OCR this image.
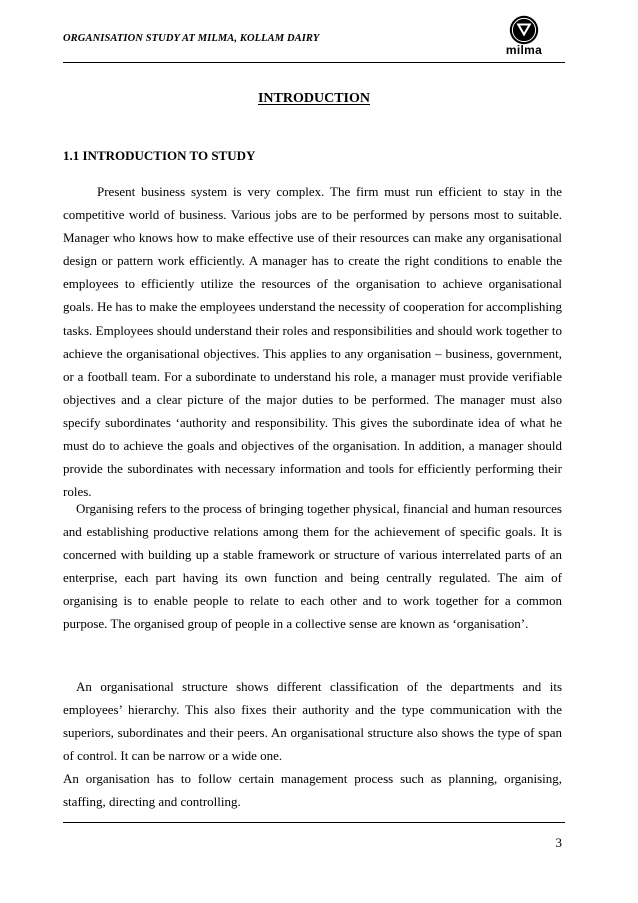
ORGANISATION STUDY AT MILMA, KOLLAM DAIRY
milma
INTRODUCTION
1.1 INTRODUCTION TO STUDY

Present business system is very complex. The firm must run efficient to stay in the competitive world of business. Various jobs are to be performed by persons most to suitable. Manager who knows how to make effective use of their resources can make any organisational design or pattern work efficiently. A manager has to create the right conditions to enable the employees to efficiently utilize the resources of the organisation to achieve organisational goals. He has to make the employees understand the necessity of cooperation for accomplishing tasks. Employees should understand their roles and responsibilities and should work together to achieve the organisational objectives. This applies to any organisation – business, government, or a football team. For a subordinate to understand his role, a manager must provide verifiable objectives and a clear picture of the major duties to be performed. The manager must also specify subordinates ‘authority and responsibility. This gives the subordinate idea of what he must do to achieve the goals and objectives of the organisation. In addition, a manager should provide the subordinates with necessary information and tools for efficiently performing their roles.

Organising refers to the process of bringing together physical, financial and human resources and establishing productive relations among them for the achievement of specific goals. It is concerned with building up a stable framework or structure of various interrelated parts of an enterprise, each part having its own function and being centrally regulated. The aim of organising is to enable people to relate to each other and to work together for a common purpose. The organised group of people in a collective sense are known as ‘organisation’.

An organisational structure shows different classification of the departments and its employees’ hierarchy. This also fixes their authority and the type communication with the superiors, subordinates and their peers. An organisational structure also shows the type of span of control. It can be narrow or a wide one.

An organisation has to follow certain management process such as planning, organising, staffing, directing and controlling.

3
